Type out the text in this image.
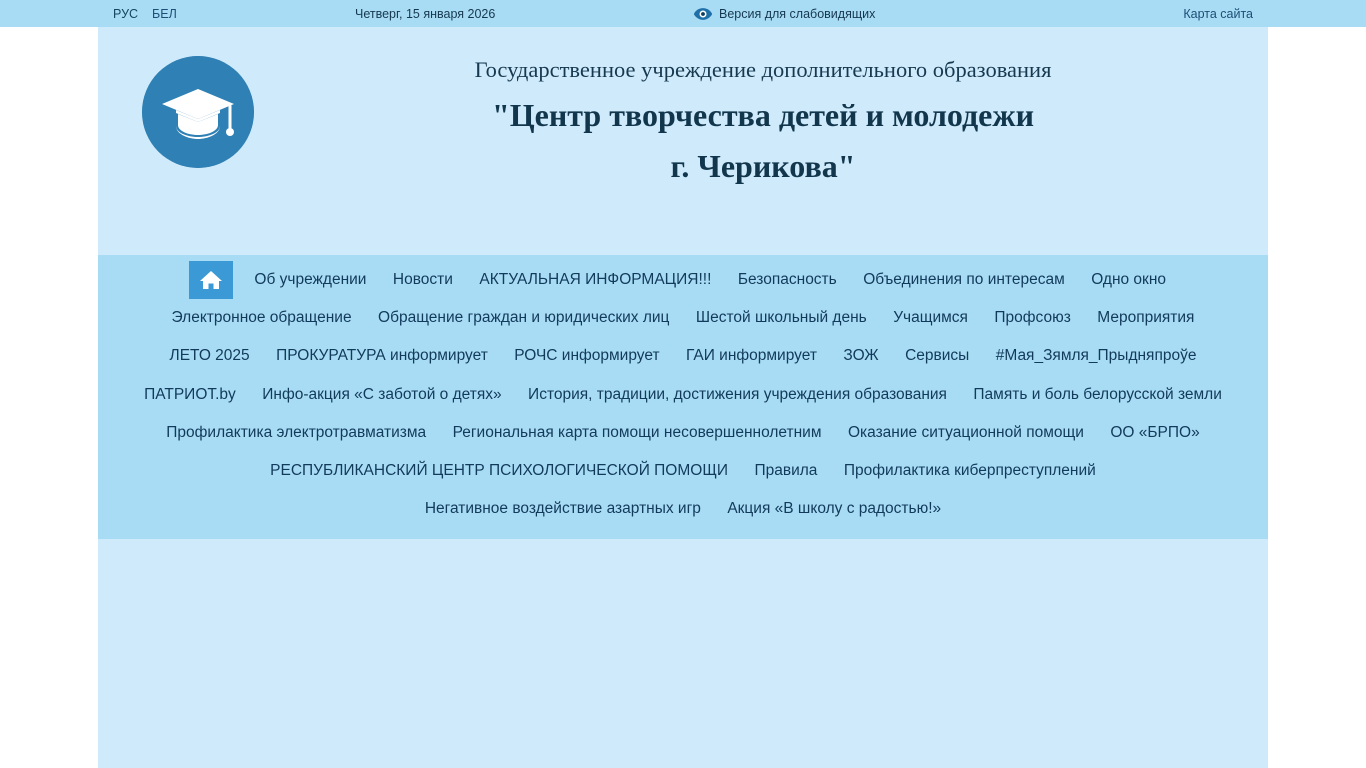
РУС БЕЛ	Четверг, 15 января 2026	Версия для слабовидящих	Карта сайта
Государственное учреждение дополнительного образования
"Центр творчества детей и молодежи
г. Черикова"
Об учреждении Новости АКТУАЛЬНАЯ ИНФОРМАЦИЯ!!! Безопасность Объединения по интересам Одно окно Электронное обращение Обращение граждан и юридических лиц Шестой школьный день Учащимся Профсоюз Мероприятия ЛЕТО 2025 ПРОКУРАТУРА информирует РОЧС информирует ГАИ информирует ЗОЖ Сервисы #Мая_Зямля_Прыдняпроўе ПАТРИОТ.by Инфо-акция «С заботой о детях» История, традиции, достижения учреждения образования Память и боль белорусской земли Профилактика электротравматизма Региональная карта помощи несовершеннолетним Оказание ситуационной помощи ОО «БРПО» РЕСПУБЛИКАНСКИЙ ЦЕНТР ПСИХОЛОГИЧЕСКОЙ ПОМОЩИ Правила Профилактика киберпреступлений Негативное воздействие азартных игр Акция «В школу с радостью!»
